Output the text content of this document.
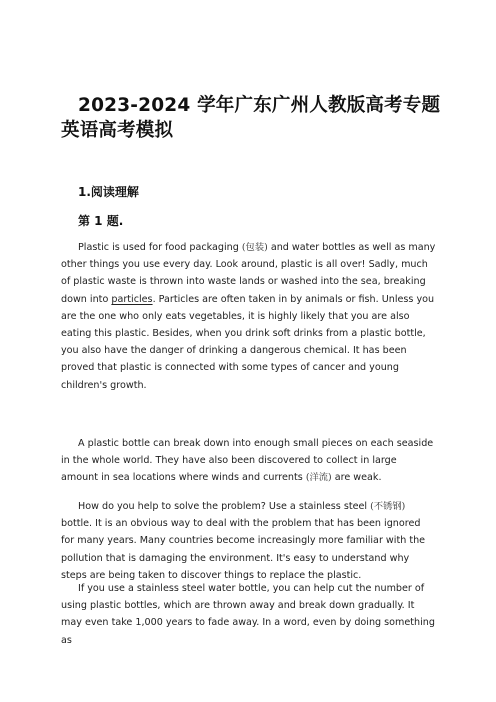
2023-2024 学年广东广州人教版高考专题英语高考模拟
1.阅读理解
第 1 题.

Plastic is used for food packaging (包装) and water bottles as well as many other things you use every day. Look around, plastic is all over! Sadly, much of plastic waste is thrown into waste lands or washed into the sea, breaking down into particles. Particles are often taken in by animals or fish. Unless you are the one who only eats vegetables, it is highly likely that you are also eating this plastic. Besides, when you drink soft drinks from a plastic bottle, you also have the danger of drinking a dangerous chemical. It has been proved that plastic is connected with some types of cancer and young children's growth.

A plastic bottle can break down into enough small pieces on each seaside in the whole world. They have also been discovered to collect in large amount in sea locations where winds and currents (洋流) are weak.

How do you help to solve the problem? Use a stainless steel (不锈钢) bottle. It is an obvious way to deal with the problem that has been ignored for many years. Many countries become increasingly more familiar with the pollution that is damaging the environment. It's easy to understand why steps are being taken to discover things to replace the plastic.

If you use a stainless steel water bottle, you can help cut the number of using plastic bottles, which are thrown away and break down gradually. It may even take 1,000 years to fade away. In a word, even by doing something as
